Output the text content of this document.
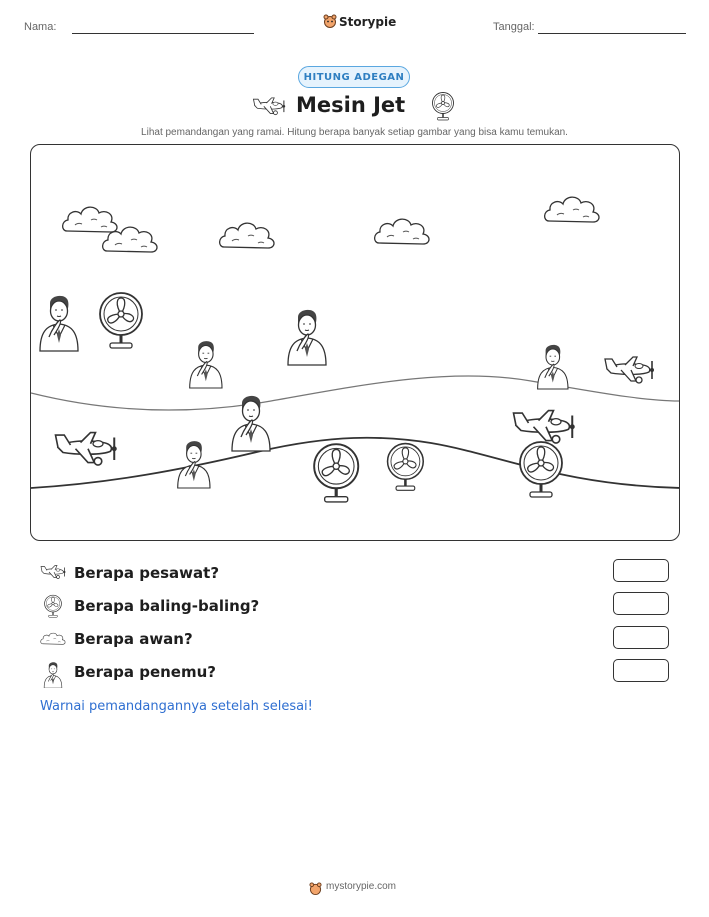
Nama:	Storypie	Tanggal:
HITUNG ADEGAN
Mesin Jet
Lihat pemandangan yang ramai. Hitung berapa banyak setiap gambar yang bisa kamu temukan.
Berapa pesawat?
Berapa baling-baling?
Berapa awan?
Berapa penemu?
Warnai pemandangannya setelah selesai!
mystorypie.com
